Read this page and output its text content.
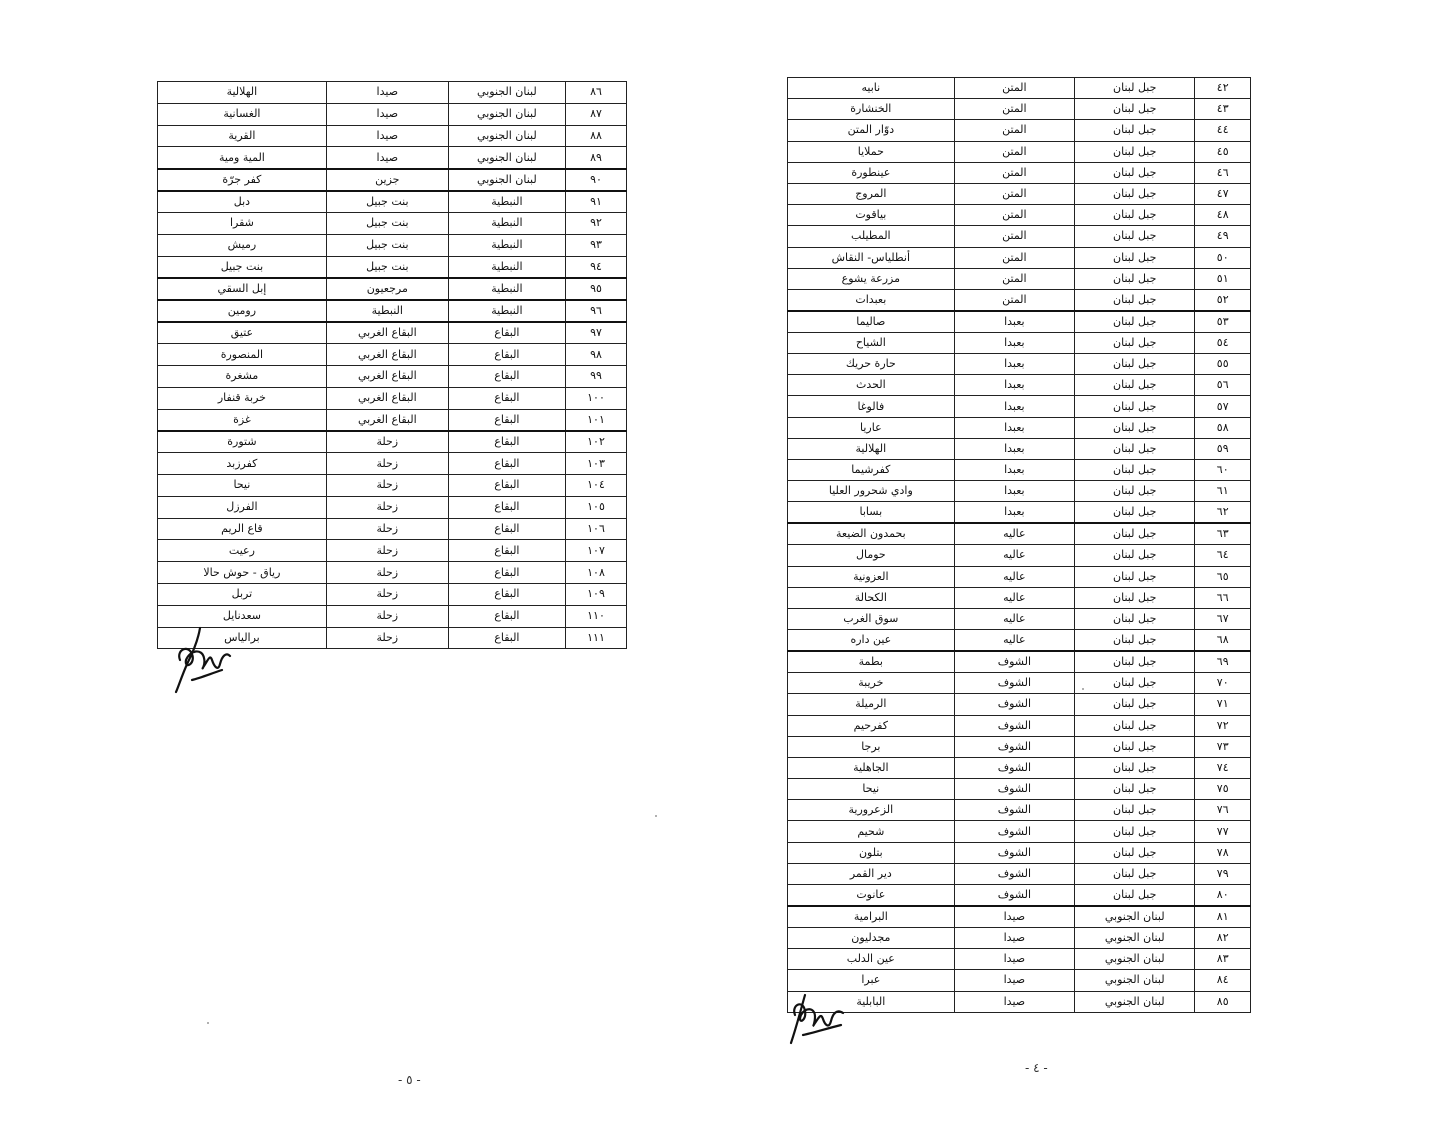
الهلالية	صيدا	لبنان الجنوبي	٨٦
الغسانية	صيدا	لبنان الجنوبي	٨٧
القرية	صيدا	لبنان الجنوبي	٨٨
المية ومية	صيدا	لبنان الجنوبي	٨٩
كفر جرّة	جزين	لبنان الجنوبي	٩٠
دبل	بنت جبيل	النبطية	٩١
شقرا	بنت جبيل	النبطية	٩٢
رميش	بنت جبيل	النبطية	٩٣
بنت جبيل	بنت جبيل	النبطية	٩٤
إبل السقي	مرجعيون	النبطية	٩٥
رومين	النبطية	النبطية	٩٦
عتيق	البقاع الغربي	البقاع	٩٧
المنصورة	البقاع الغربي	البقاع	٩٨
مشغرة	البقاع الغربي	البقاع	٩٩
خربة قنفار	البقاع الغربي	البقاع	١٠٠
غزة	البقاع الغربي	البقاع	١٠١
شتورة	زحلة	البقاع	١٠٢
كفرزبد	زحلة	البقاع	١٠٣
نيحا	زحلة	البقاع	١٠٤
الفرزل	زحلة	البقاع	١٠٥
قاع الريم	زحلة	البقاع	١٠٦
رعيت	زحلة	البقاع	١٠٧
رياق - حوش حالا	زحلة	البقاع	١٠٨
تربل	زحلة	البقاع	١٠٩
سعدنايل	زحلة	البقاع	١١٠
برالياس	زحلة	البقاع	١١١
نابيه	المتن	جبل لبنان	٤٢
الخنشارة	المتن	جبل لبنان	٤٣
دوّار المتن	المتن	جبل لبنان	٤٤
حملايا	المتن	جبل لبنان	٤٥
عينطورة	المتن	جبل لبنان	٤٦
المروج	المتن	جبل لبنان	٤٧
بياقوت	المتن	جبل لبنان	٤٨
المطيلب	المتن	جبل لبنان	٤٩
أنطلياس- النقاش	المتن	جبل لبنان	٥٠
مزرعة يشوع	المتن	جبل لبنان	٥١
بعبدات	المتن	جبل لبنان	٥٢
صاليما	بعبدا	جبل لبنان	٥٣
الشياح	بعبدا	جبل لبنان	٥٤
حارة حريك	بعبدا	جبل لبنان	٥٥
الحدث	بعبدا	جبل لبنان	٥٦
فالوغا	بعبدا	جبل لبنان	٥٧
عاريا	بعبدا	جبل لبنان	٥٨
الهلالية	بعبدا	جبل لبنان	٥٩
كفرشيما	بعبدا	جبل لبنان	٦٠
وادي شحرور العليا	بعبدا	جبل لبنان	٦١
بسابا	بعبدا	جبل لبنان	٦٢
بحمدون الضيعة	عاليه	جبل لبنان	٦٣
حومال	عاليه	جبل لبنان	٦٤
العزونية	عاليه	جبل لبنان	٦٥
الكحالة	عاليه	جبل لبنان	٦٦
سوق الغرب	عاليه	جبل لبنان	٦٧
عين داره	عاليه	جبل لبنان	٦٨
بطمة	الشوف	جبل لبنان	٦٩
خريبة	الشوف	جبل لبنان	٧٠
الرميلة	الشوف	جبل لبنان	٧١
كفرحيم	الشوف	جبل لبنان	٧٢
برجا	الشوف	جبل لبنان	٧٣
الجاهلية	الشوف	جبل لبنان	٧٤
نيحا	الشوف	جبل لبنان	٧٥
الزعرورية	الشوف	جبل لبنان	٧٦
شحيم	الشوف	جبل لبنان	٧٧
بتلون	الشوف	جبل لبنان	٧٨
دير القمر	الشوف	جبل لبنان	٧٩
عانوت	الشوف	جبل لبنان	٨٠
البرامية	صيدا	لبنان الجنوبي	٨١
مجدليون	صيدا	لبنان الجنوبي	٨٢
عين الدلب	صيدا	لبنان الجنوبي	٨٣
عبرا	صيدا	لبنان الجنوبي	٨٤
البابلية	صيدا	لبنان الجنوبي	٨٥
- ٥ -
- ٤ -
